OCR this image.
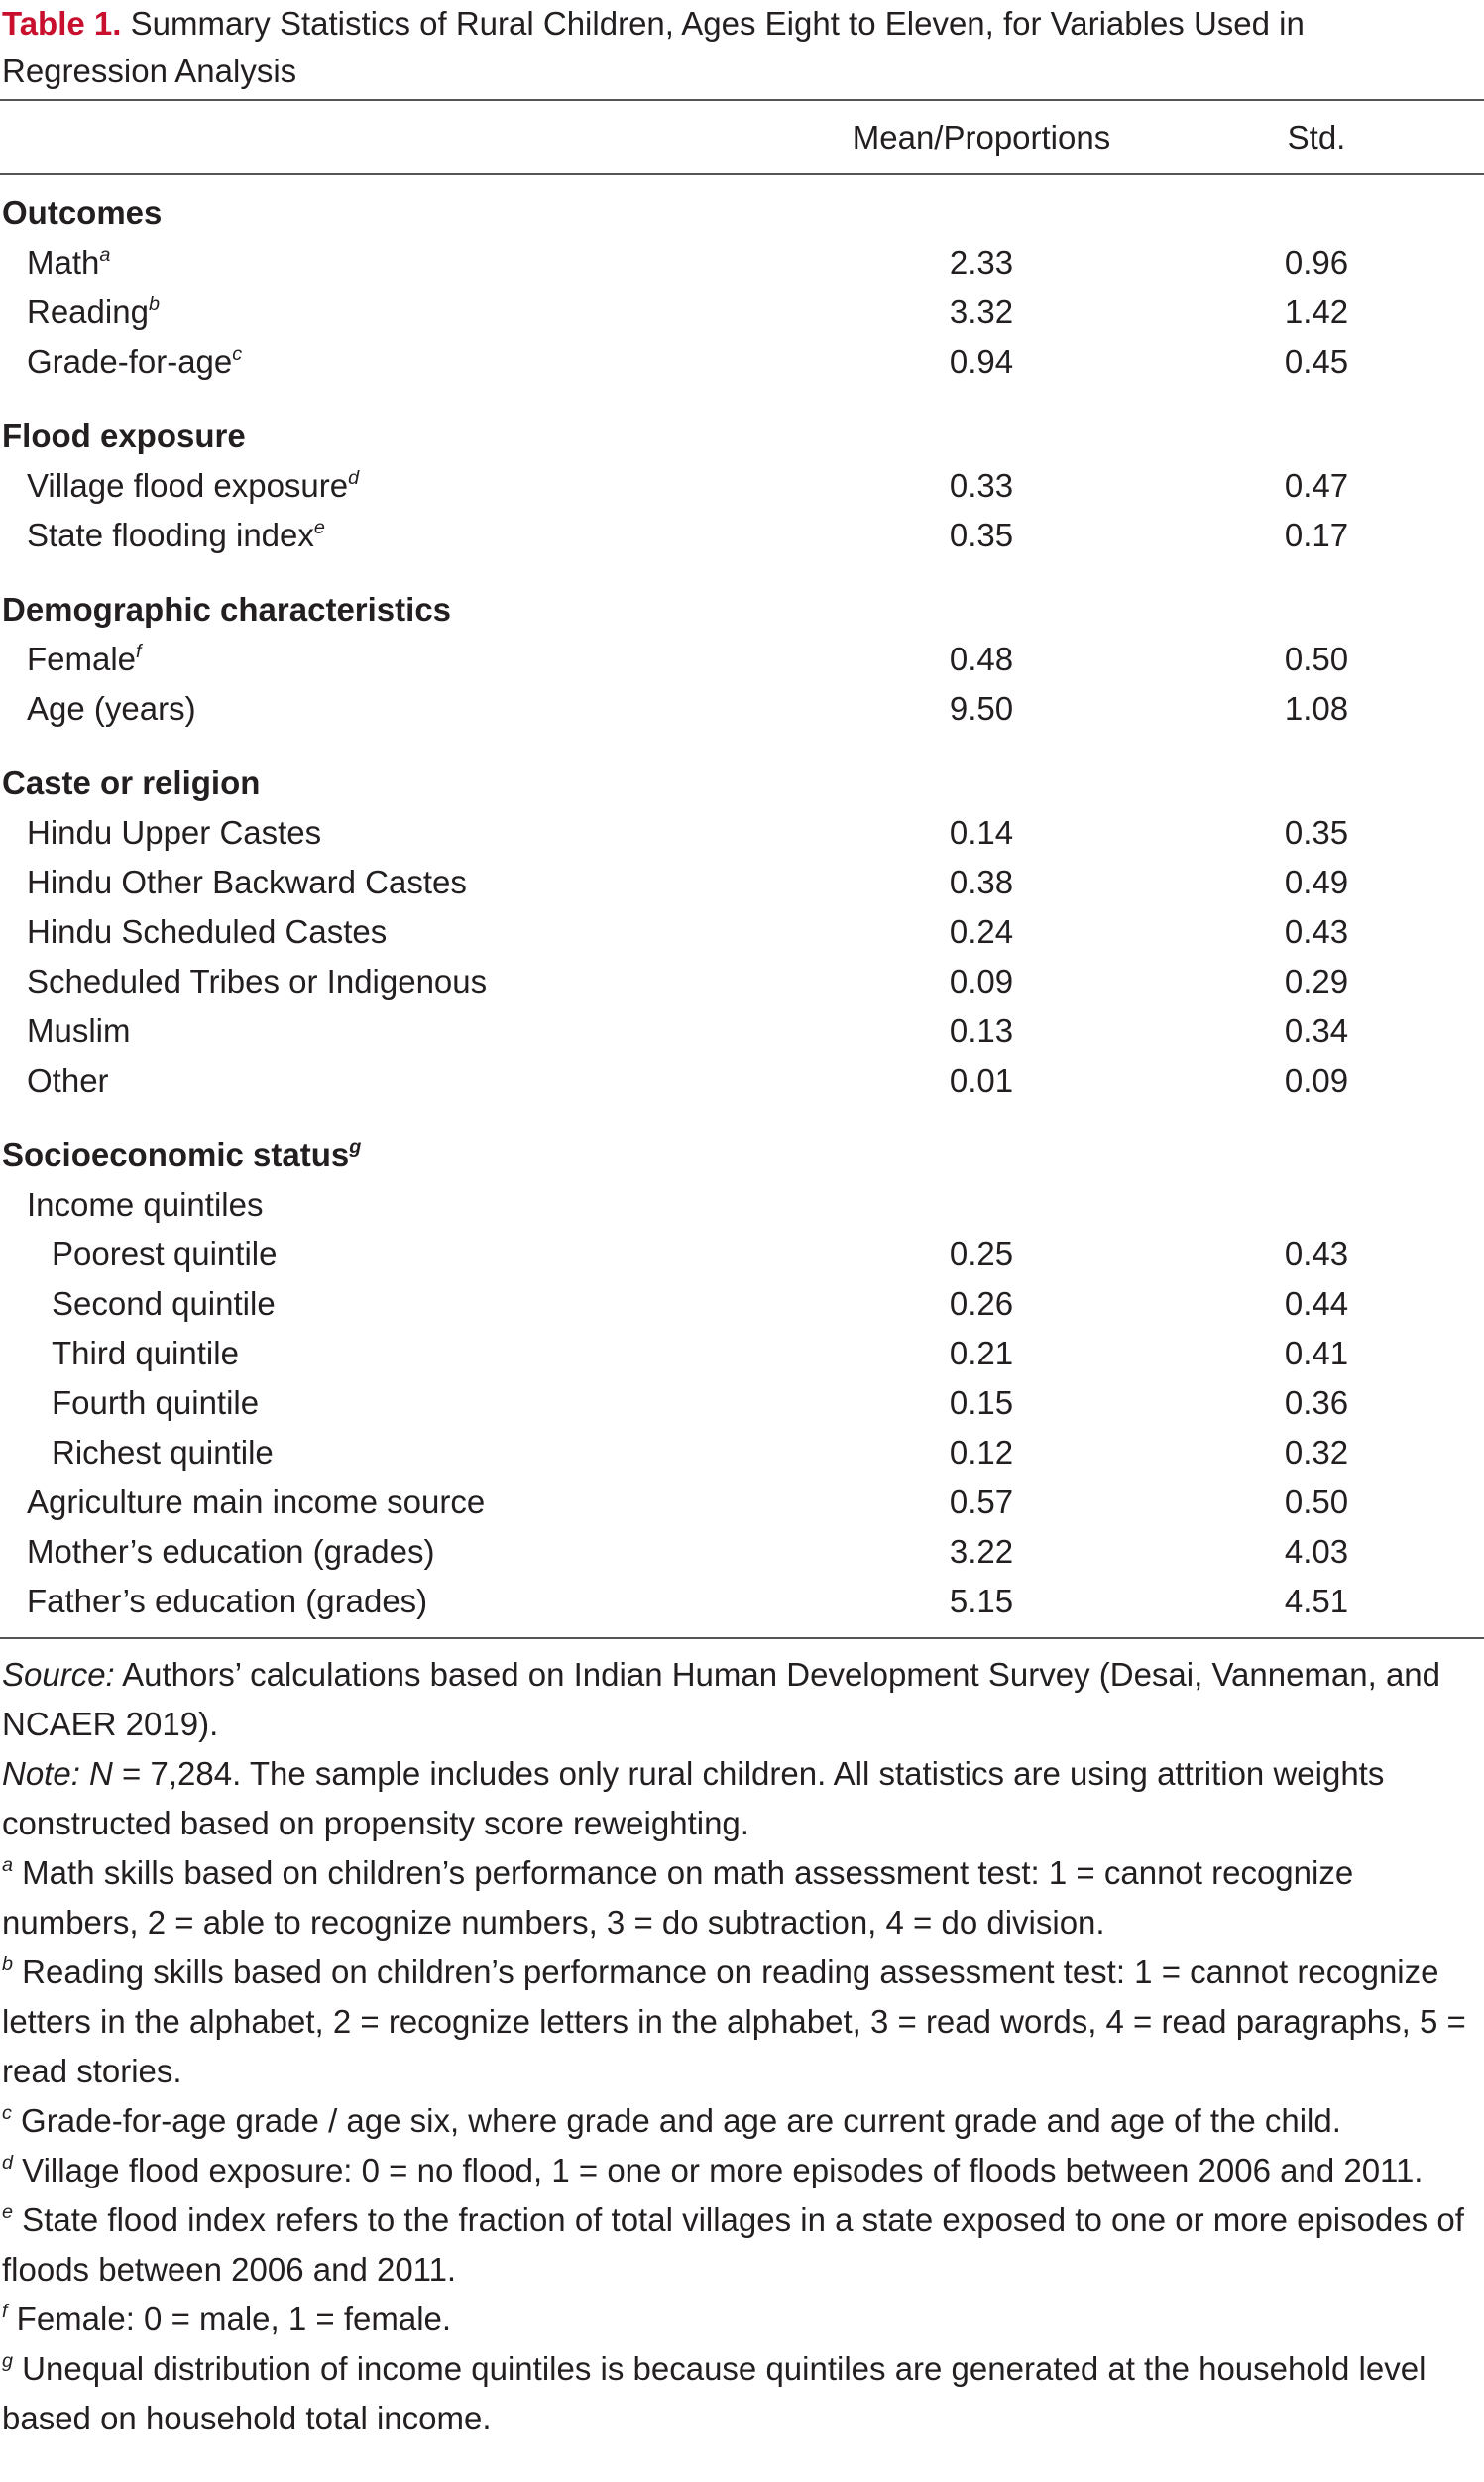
Table 1. Summary Statistics of Rural Children, Ages Eight to Eleven, for Variables Used in Regression Analysis
Mean/Proportions	Std.
Outcomes
Math$^a$	2.33	0.96
Reading$^b$	3.32	1.42
Grade-for-age$^c$	0.94	0.45
Flood exposure
Village flood exposure$^d$	0.33	0.47
State flooding index$^e$	0.35	0.17
Demographic characteristics
Female$^f$	0.48	0.50
Age (years)	9.50	1.08
Caste or religion
Hindu Upper Castes	0.14	0.35
Hindu Other Backward Castes	0.38	0.49
Hindu Scheduled Castes	0.24	0.43
Scheduled Tribes or Indigenous	0.09	0.29
Muslim	0.13	0.34
Other	0.01	0.09
Socioeconomic status$^g$
Income quintiles
Poorest quintile	0.25	0.43
Second quintile	0.26	0.44
Third quintile	0.21	0.41
Fourth quintile	0.15	0.36
Richest quintile	0.12	0.32
Agriculture main income source	0.57	0.50
Mother’s education (grades)	3.22	4.03
Father’s education (grades)	5.15	4.51

Source: Authors’ calculations based on Indian Human Development Survey (Desai, Vanneman, and NCAER 2019).

Note: N = 7,284. The sample includes only rural children. All statistics are using attrition weights constructed based on propensity score reweighting.

$^a$ Math skills based on children’s performance on math assessment test: 1 = cannot recognize numbers, 2 = able to recognize numbers, 3 = do subtraction, 4 = do division.

$^b$ Reading skills based on children’s performance on reading assessment test: 1 = cannot recognize letters in the alphabet, 2 = recognize letters in the alphabet, 3 = read words, 4 = read paragraphs, 5 = read stories.

$^c$ Grade-for-age grade / age six, where grade and age are current grade and age of the child.

$^d$ Village flood exposure: 0 = no flood, 1 = one or more episodes of floods between 2006 and 2011.

$^e$ State flood index refers to the fraction of total villages in a state exposed to one or more episodes of floods between 2006 and 2011.

$^f$ Female: 0 = male, 1 = female.

$^g$ Unequal distribution of income quintiles is because quintiles are generated at the household level based on household total income.
